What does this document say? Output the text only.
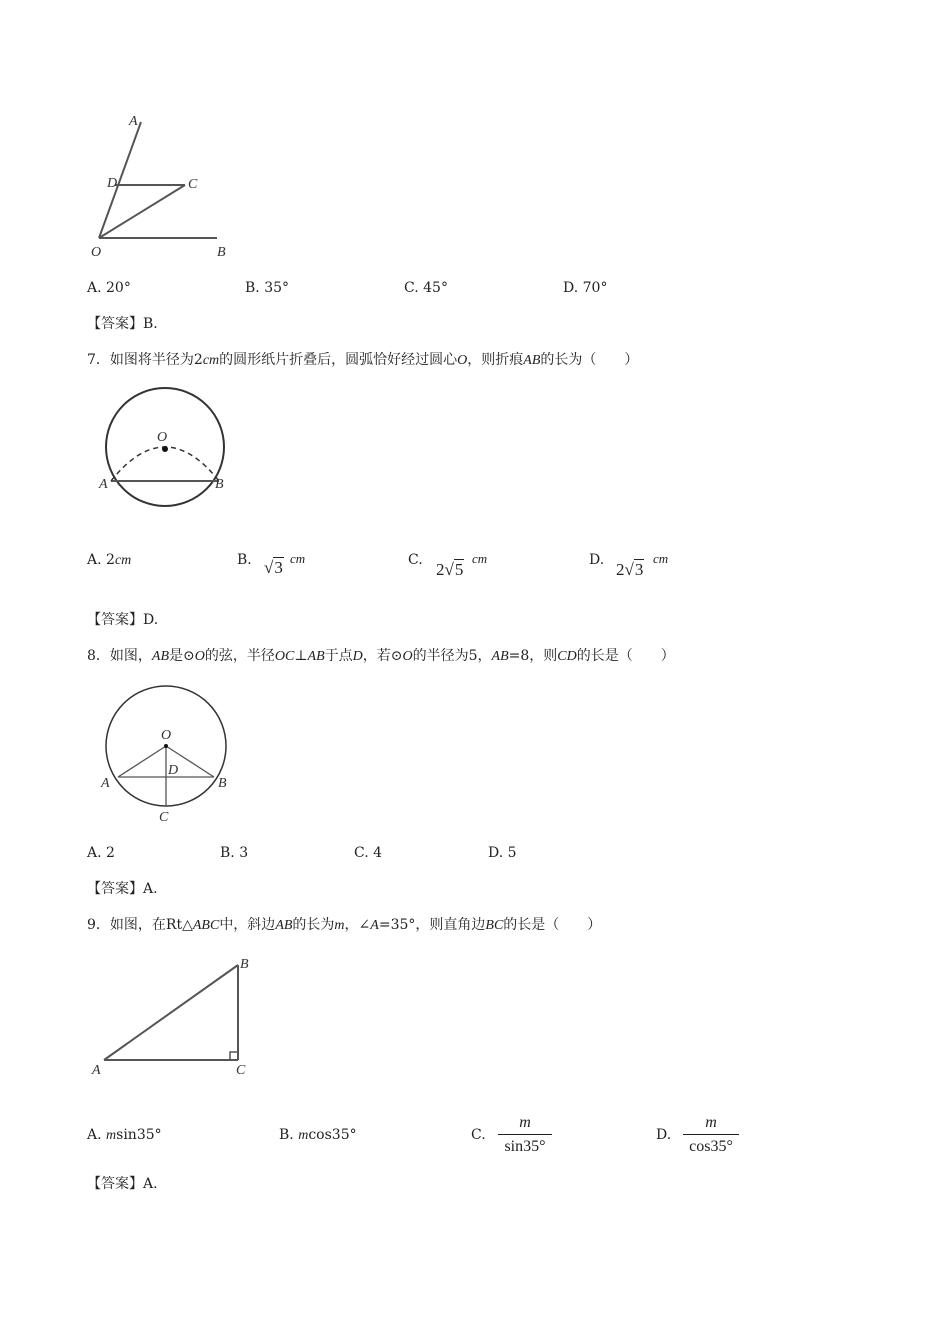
A
D	C
O	B
A. 20°	B. 35°	C. 45°	D. 70°
【答案】B.
7．如图将半径为2cm的圆形纸片折叠后，圆弧恰好经过圆心O，则折痕AB的长为（　　）
O
A	B
A. 2cm	B. √3 cm	C. 2√5
cm	D. 2√3
cm
【答案】D.
8．如图，AB是⊙O的弦，半径OC⊥AB于点D，若⊙O的半径为5，AB=8，则CD的长是（　　）
O
D
A	B
C
A. 2	B. 3	C. 4	D. 5
【答案】A.
9．如图，在Rt△ABC中，斜边AB的长为m，∠A=35°，则直角边BC的长是（　　）
B
A	C
A. msin35°	B. mcos35°	C.
m
sin35°
D.
m
cos35°
【答案】A.
